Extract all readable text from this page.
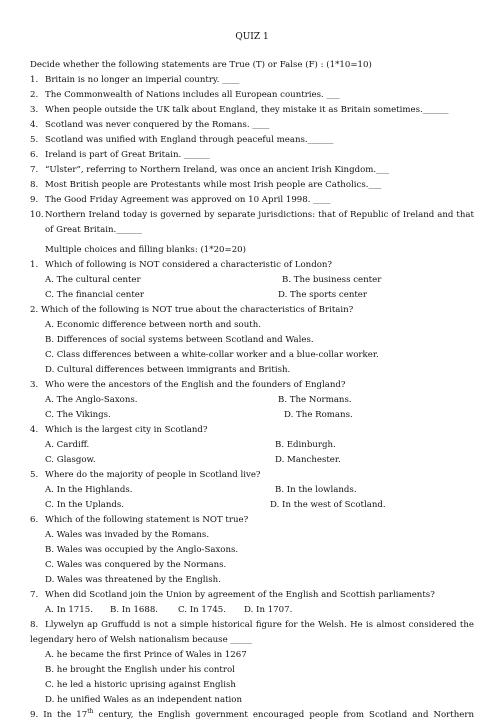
QUIZ 1
Decide whether the following statements are True (T) or False (F) : (1*10=10)
1. Britain is no longer an imperial country. ____
2. The Commonwealth of Nations includes all European countries. ___
3. When people outside the UK talk about England, they mistake it as Britain sometimes.______
4. Scotland was never conquered by the Romans. ____
5. Scotland was unified with England through peaceful means.______
6. Ireland is part of Great Britain. ______
7. “Ulster”, referring to Northern Ireland, was once an ancient Irish Kingdom.___
8. Most British people are Protestants while most Irish people are Catholics.___
9. The Good Friday Agreement was approved on 10 April 1998. ____
10.Northern Ireland today is governed by separate jurisdictions: that of Republic of Ireland and that
of Great Britain.______
Multiple choices and filling blanks: (1*20=20)
1. Which of following is NOT considered a characteristic of London?
A. The cultural center	B. The business center
C. The financial center	D. The sports center
2. Which of the following is NOT true about the characteristics of Britain?
A. Economic difference between north and south.
B. Differences of social systems between Scotland and Wales.
C. Class differences between a white-collar worker and a blue-collar worker.
D. Cultural differences between immigrants and British.
3. Who were the ancestors of the English and the founders of England?
A. The Anglo-Saxons.	B. The Normans.
C. The Vikings.	D. The Romans.
4. Which is the largest city in Scotland?
A. Cardiff.	B. Edinburgh.
C. Glasgow.	D. Manchester.
5. Where do the majority of people in Scotland live?
A. In the Highlands.	B. In the lowlands.
C. In the Uplands.	D. In the west of Scotland.
6. Which of the following statement is NOT true?
A. Wales was invaded by the Romans.
B. Wales was occupied by the Anglo-Saxons.
C. Wales was conquered by the Normans.
D. Wales was threatened by the English.
7. When did Scotland join the Union by agreement of the English and Scottish parliaments?
A. In 1715. B. In 1688. C. In 1745. D. In 1707.
8. Llywelyn ap Gruffudd is not a simple historical figure for the Welsh. He is almost considered the
legendary hero of Welsh nationalism because _____
A. he became the first Prince of Wales in 1267
B. he brought the English under his control
C. he led a historic uprising against English
D. he unified Wales as an independent nation
9. In the 17th century, the English government encouraged people from Scotland and Northern
